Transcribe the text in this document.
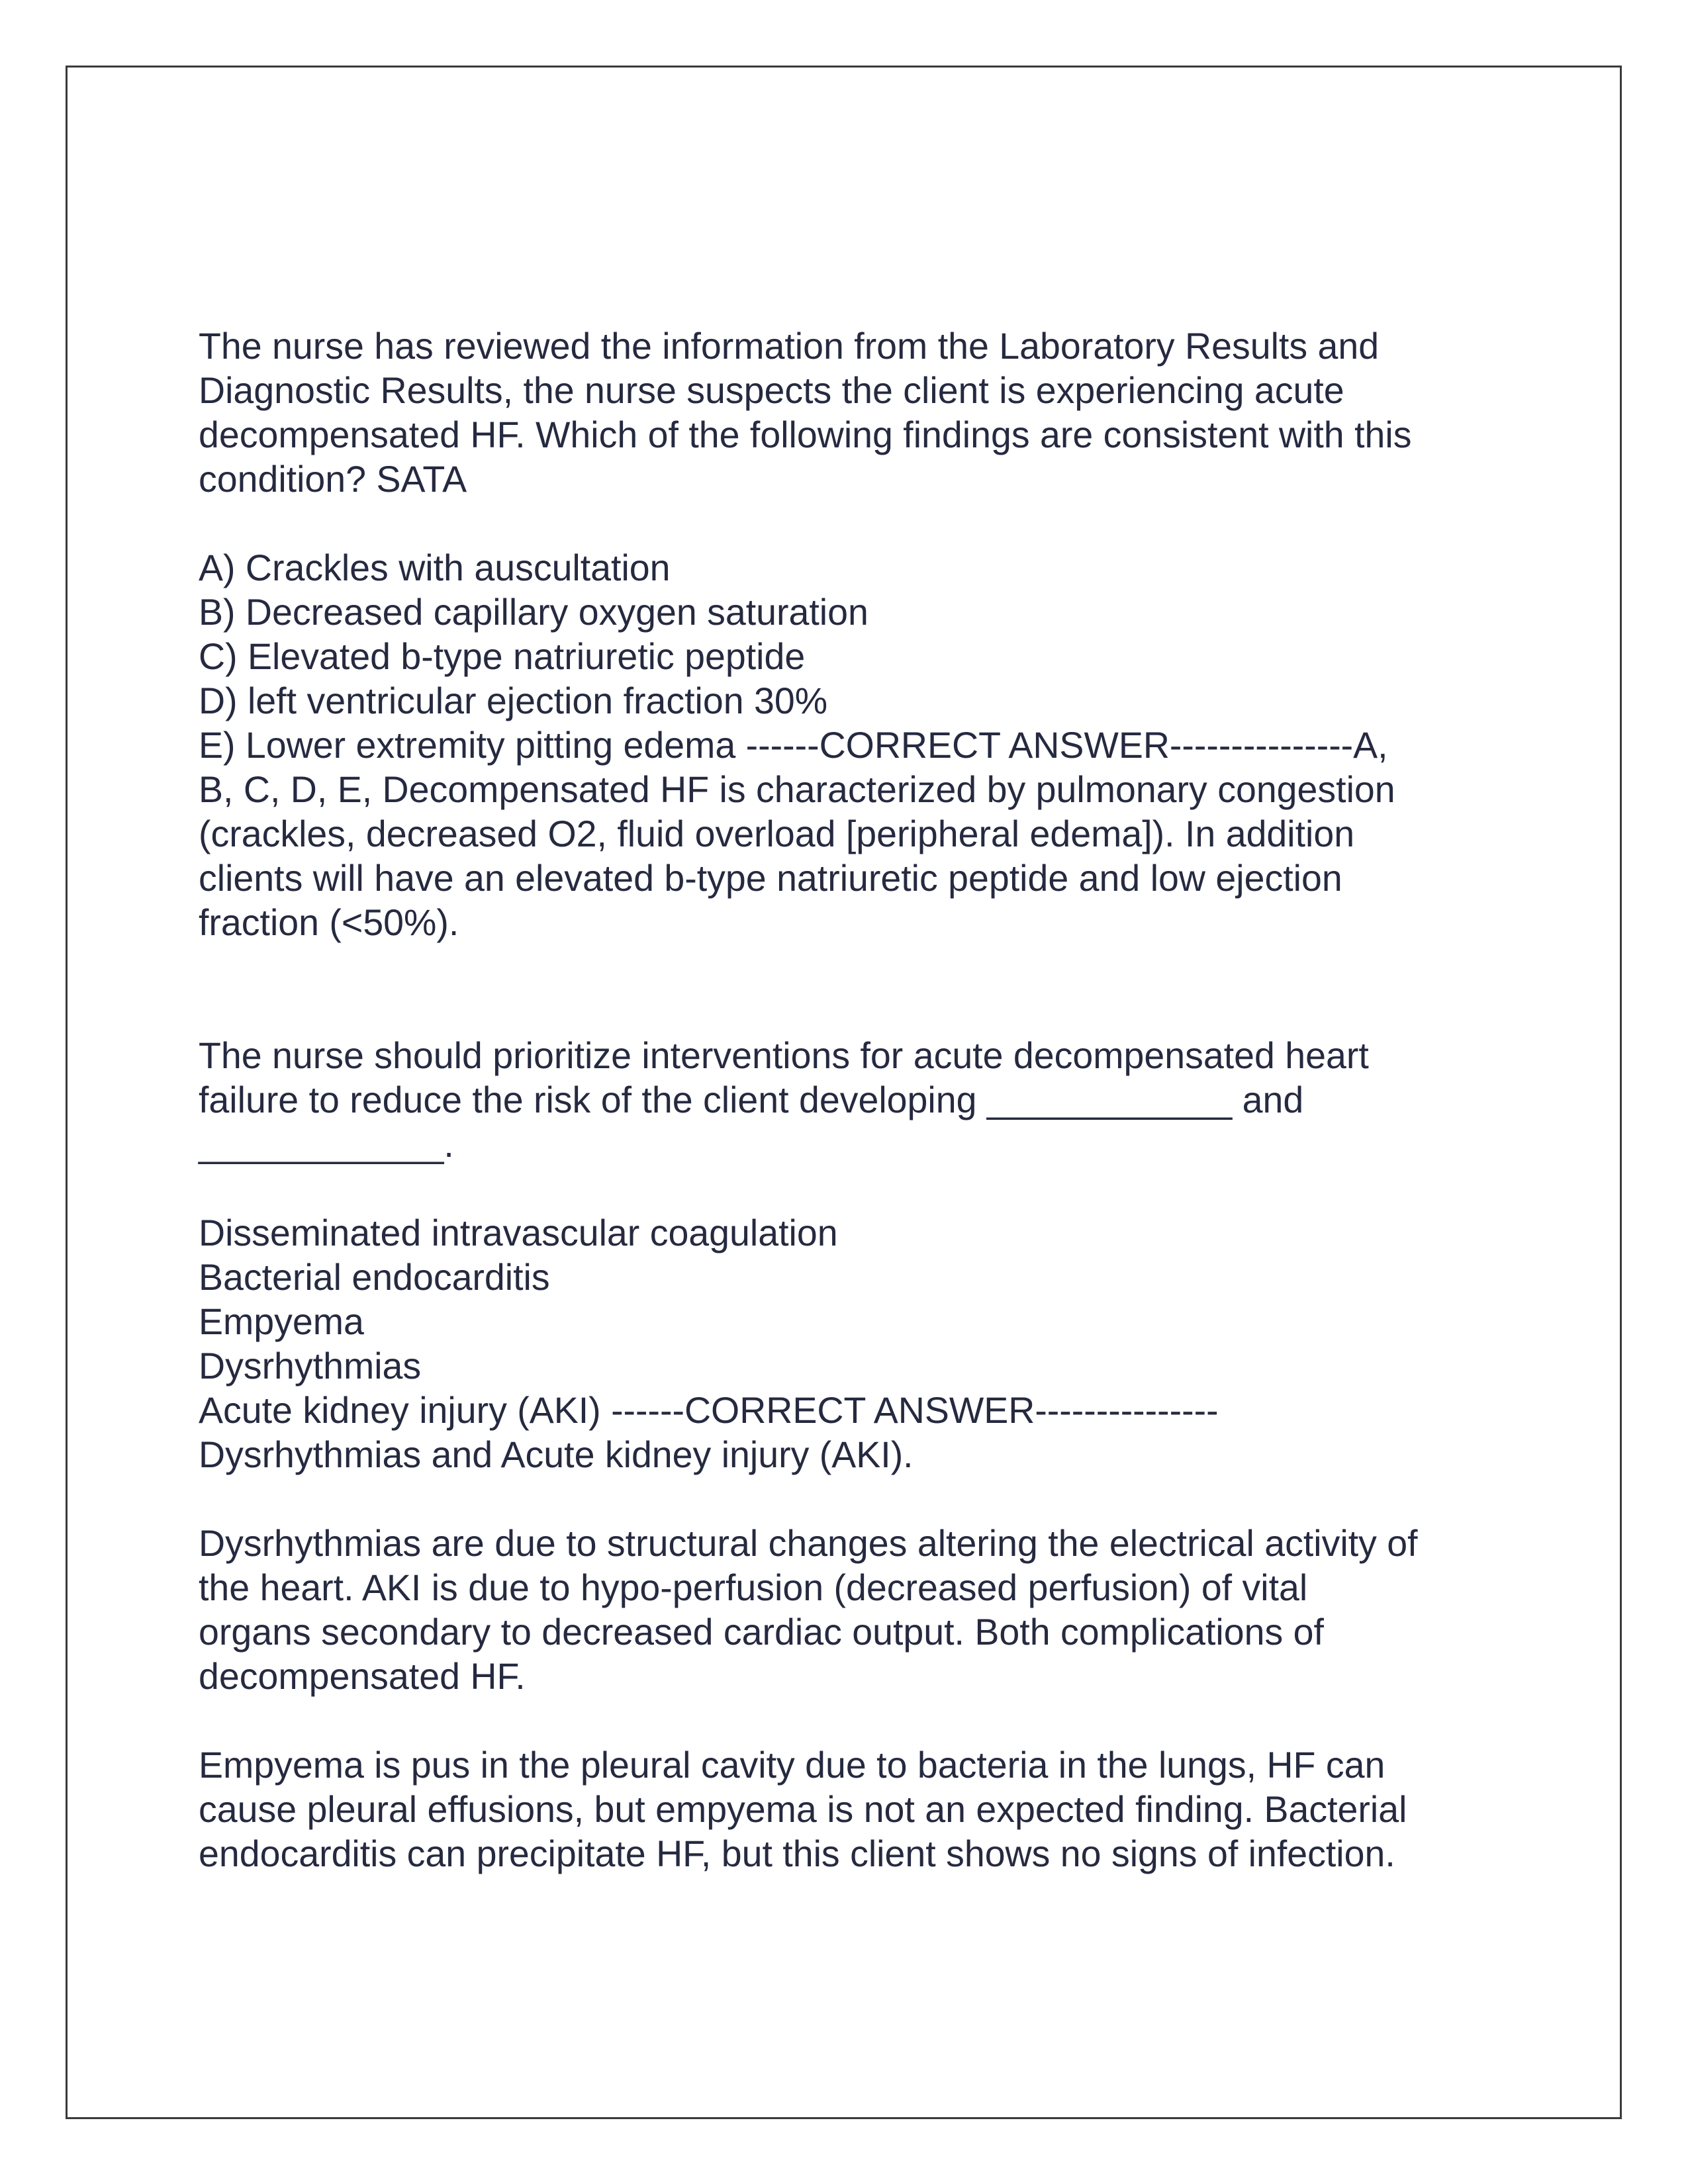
The nurse has reviewed the information from the Laboratory Results and
Diagnostic Results, the nurse suspects the client is experiencing acute
decompensated HF. Which of the following findings are consistent with this
condition? SATA
A) Crackles with auscultation
B) Decreased capillary oxygen saturation
C) Elevated b-type natriuretic peptide
D) left ventricular ejection fraction 30%
E) Lower extremity pitting edema ------CORRECT ANSWER---------------A,
B, C, D, E, Decompensated HF is characterized by pulmonary congestion
(crackles, decreased O2, fluid overload [peripheral edema]). In addition
clients will have an elevated b-type natriuretic peptide and low ejection
fraction (<50%).
The nurse should prioritize interventions for acute decompensated heart
failure to reduce the risk of the client developing ____________ and
____________.
Disseminated intravascular coagulation
Bacterial endocarditis
Empyema
Dysrhythmias
Acute kidney injury (AKI) ------CORRECT ANSWER---------------
Dysrhythmias and Acute kidney injury (AKI).
Dysrhythmias are due to structural changes altering the electrical activity of
the heart. AKI is due to hypo-perfusion (decreased perfusion) of vital
organs secondary to decreased cardiac output. Both complications of
decompensated HF.
Empyema is pus in the pleural cavity due to bacteria in the lungs, HF can
cause pleural effusions, but empyema is not an expected finding. Bacterial
endocarditis can precipitate HF, but this client shows no signs of infection.
